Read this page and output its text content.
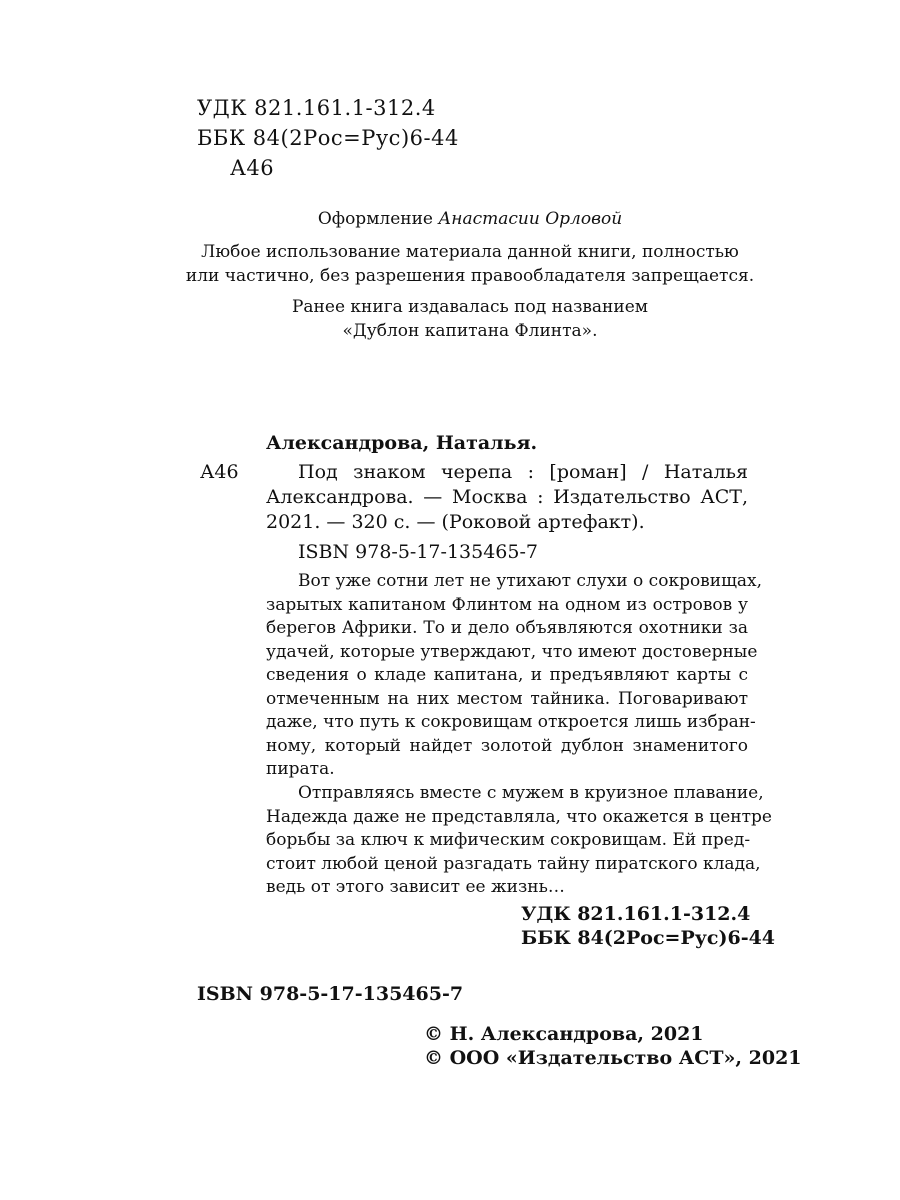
УДК 821.161.1-312.4
ББК 84(2Рос=Рус)6-44
А46
Оформление Анастасии Орловой
Любое использование материала данной книги, полностью
или частично, без разрешения правообладателя запрещается.
Ранее книга издавалась под названием
«Дублон капитана Флинта».
Александрова, Наталья.
А46	Под знаком черепа : [роман] / Наталья
Александрова. — Москва : Издательство АСТ,
2021. — 320 с. — (Роковой артефакт).
ISBN 978-5-17-135465-7
Вот уже сотни лет не утихают слухи о сокровищах,
зарытых капитаном Флинтом на одном из островов у
берегов Африки. То и дело объявляются охотники за
удачей, которые утверждают, что имеют достоверные
сведения о кладе капитана, и предъявляют карты с
отмеченным на них местом тайника. Поговаривают
даже, что путь к сокровищам откроется лишь избран-
ному, который найдет золотой дублон знаменитого
пирата.
Отправляясь вместе с мужем в круизное плавание,
Надежда даже не представляла, что окажется в центре
борьбы за ключ к мифическим сокровищам. Ей пред-
стоит любой ценой разгадать тайну пиратского клада,
ведь от этого зависит ее жизнь…
УДК 821.161.1-312.4
ББК 84(2Рос=Рус)6-44
ISBN 978-5-17-135465-7
© Н. Александрова, 2021
© ООО «Издательство АСТ», 2021
